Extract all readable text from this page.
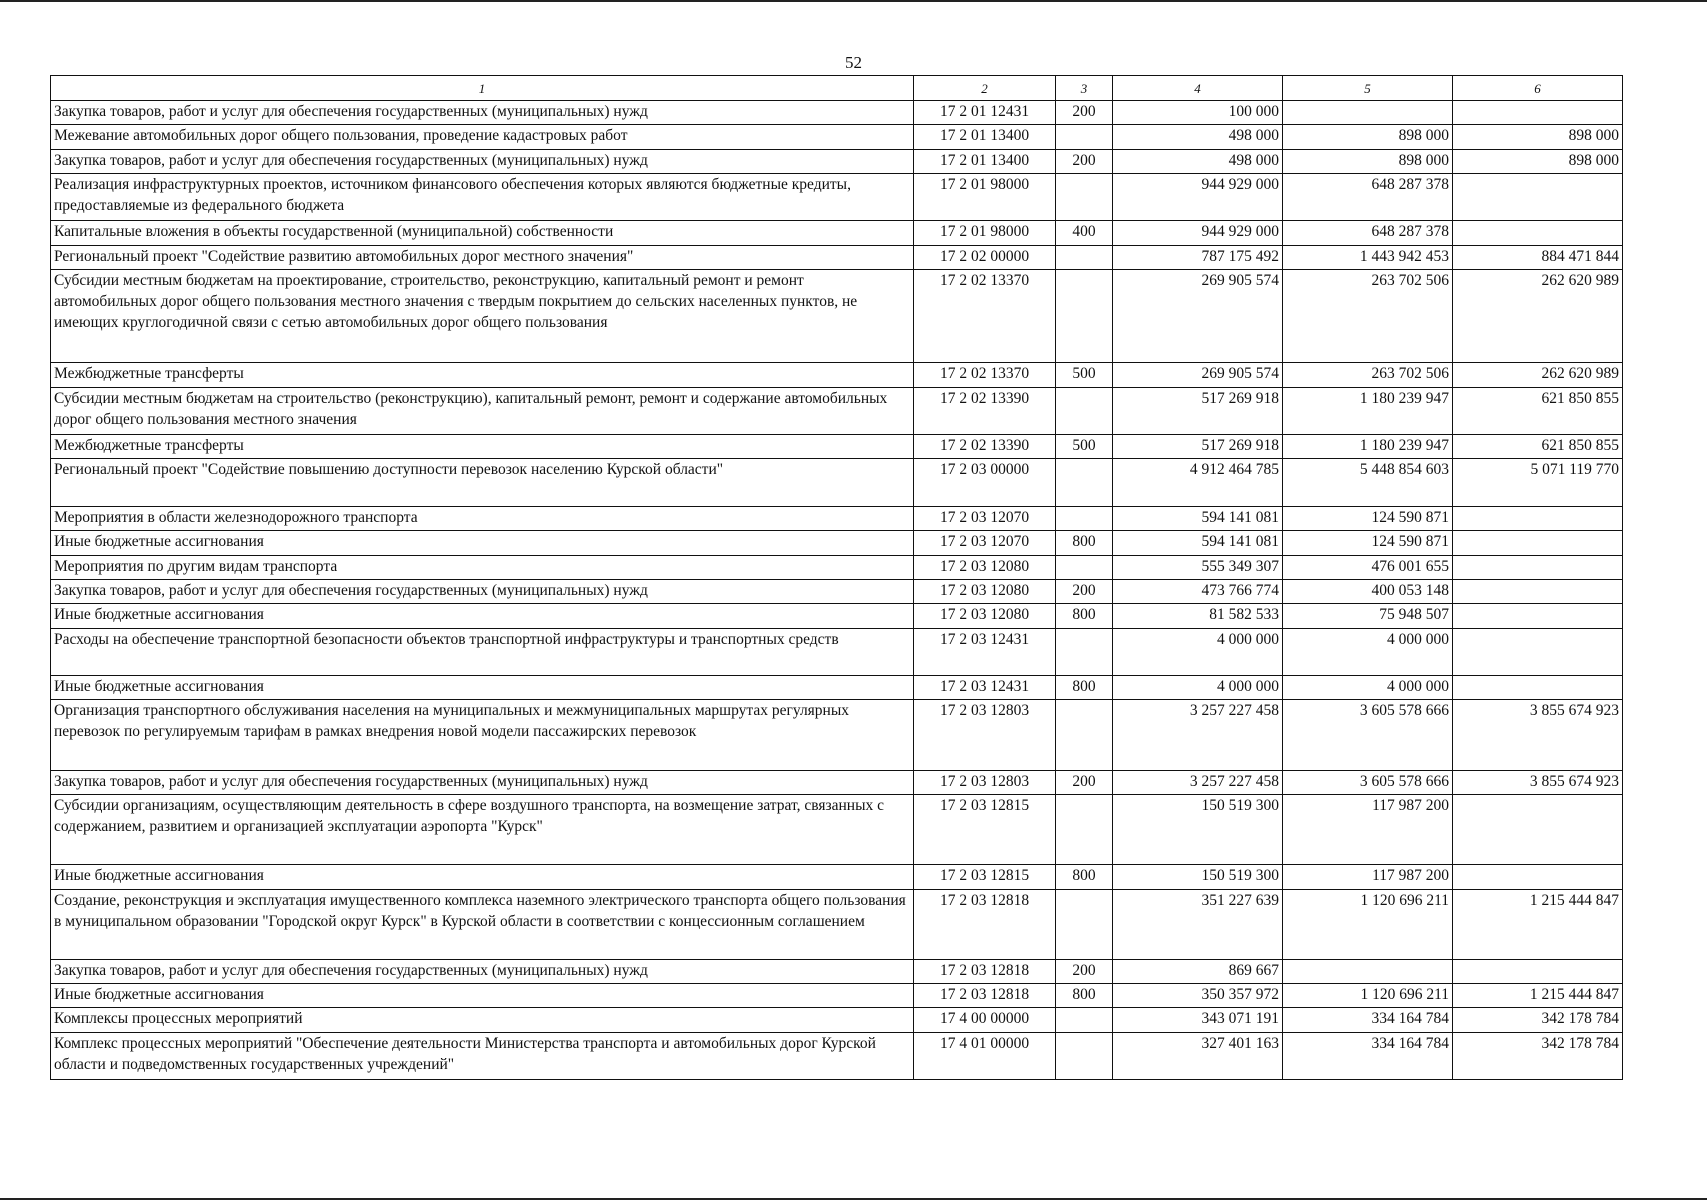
52
1	2	3	4	5	6
Закупка товаров, работ и услуг для обеспечения государственных (муниципальных) нужд	17 2 01 12431	200	100 000		
Межевание автомобильных дорог общего пользования, проведение кадастровых работ	17 2 01 13400		498 000	898 000	898 000
Закупка товаров, работ и услуг для обеспечения государственных (муниципальных) нужд	17 2 01 13400	200	498 000	898 000	898 000
Реализация инфраструктурных проектов, источником финансового обеспечения которых являются бюджетные кредиты, предоставляемые из федерального бюджета	17 2 01 98000		944 929 000	648 287 378	
Капитальные вложения в объекты государственной (муниципальной) собственности	17 2 01 98000	400	944 929 000	648 287 378	
Региональный проект "Содействие развитию автомобильных дорог местного значения"	17 2 02 00000		787 175 492	1 443 942 453	884 471 844
Субсидии местным бюджетам на проектирование, строительство, реконструкцию, капитальный ремонт и ремонт автомобильных дорог общего пользования местного значения с твердым покрытием до сельских населенных пунктов, не имеющих круглогодичной связи с сетью автомобильных дорог общего пользования	17 2 02 13370		269 905 574	263 702 506	262 620 989
Межбюджетные трансферты	17 2 02 13370	500	269 905 574	263 702 506	262 620 989
Субсидии местным бюджетам на строительство (реконструкцию), капитальный ремонт, ремонт и содержание автомобильных дорог общего пользования местного значения	17 2 02 13390		517 269 918	1 180 239 947	621 850 855
Межбюджетные трансферты	17 2 02 13390	500	517 269 918	1 180 239 947	621 850 855
Региональный проект "Содействие повышению доступности перевозок населению Курской области"	17 2 03 00000		4 912 464 785	5 448 854 603	5 071 119 770
Мероприятия в области железнодорожного транспорта	17 2 03 12070		594 141 081	124 590 871	
Иные бюджетные ассигнования	17 2 03 12070	800	594 141 081	124 590 871	
Мероприятия по другим видам транспорта	17 2 03 12080		555 349 307	476 001 655	
Закупка товаров, работ и услуг для обеспечения государственных (муниципальных) нужд	17 2 03 12080	200	473 766 774	400 053 148	
Иные бюджетные ассигнования	17 2 03 12080	800	81 582 533	75 948 507	
Расходы на обеспечение транспортной безопасности объектов транспортной инфраструктуры и транспортных средств	17 2 03 12431		4 000 000	4 000 000	
Иные бюджетные ассигнования	17 2 03 12431	800	4 000 000	4 000 000	
Организация транспортного обслуживания населения на муниципальных и межмуниципальных маршрутах регулярных перевозок по регулируемым тарифам в рамках внедрения новой модели пассажирских перевозок	17 2 03 12803		3 257 227 458	3 605 578 666	3 855 674 923
Закупка товаров, работ и услуг для обеспечения государственных (муниципальных) нужд	17 2 03 12803	200	3 257 227 458	3 605 578 666	3 855 674 923
Субсидии организациям, осуществляющим деятельность в сфере воздушного транспорта, на возмещение затрат, связанных с содержанием, развитием и организацией эксплуатации аэропорта "Курск"	17 2 03 12815		150 519 300	117 987 200	
Иные бюджетные ассигнования	17 2 03 12815	800	150 519 300	117 987 200	
Создание, реконструкция и эксплуатация имущественного комплекса наземного электрического транспорта общего пользования в муниципальном образовании "Городской округ Курск" в Курской области в соответствии с концессионным соглашением	17 2 03 12818		351 227 639	1 120 696 211	1 215 444 847
Закупка товаров, работ и услуг для обеспечения государственных (муниципальных) нужд	17 2 03 12818	200	869 667		
Иные бюджетные ассигнования	17 2 03 12818	800	350 357 972	1 120 696 211	1 215 444 847
Комплексы процессных мероприятий	17 4 00 00000		343 071 191	334 164 784	342 178 784
Комплекс процессных мероприятий "Обеспечение деятельности Министерства транспорта и автомобильных дорог Курской области и подведомственных государственных учреждений"	17 4 01 00000		327 401 163	334 164 784	342 178 784
